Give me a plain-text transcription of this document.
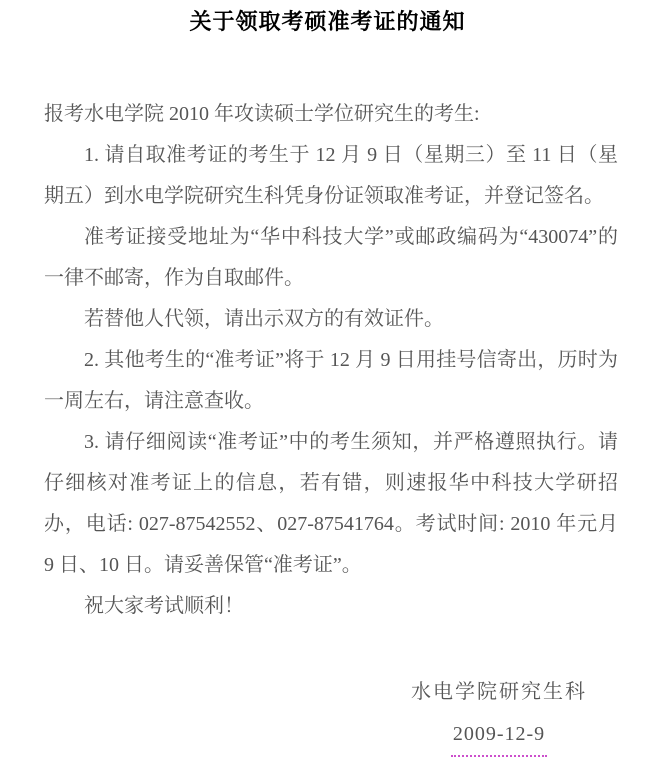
关于领取考硕准考证的通知

报考水电学院 2010 年攻读硕士学位研究生的考生:

1. 请自取准考证的考生于 12 月 9 日（星期三）至 11 日（星期五）到水电学院研究生科凭身份证领取准考证，并登记签名。

准考证接受地址为“华中科技大学”或邮政编码为“430074”的一律不邮寄，作为自取邮件。

若替他人代领，请出示双方的有效证件。

2. 其他考生的“准考证”将于 12 月 9 日用挂号信寄出，历时为一周左右，请注意查收。

3. 请仔细阅读“准考证”中的考生须知，并严格遵照执行。请仔细核对准考证上的信息，若有错，则速报华中科技大学研招办，电话: 027-87542552、027-87541764。考试时间: 2010 年元月 9 日、10 日。请妥善保管“准考证”。

祝大家考试顺利！

水电学院研究生科
2009-12-9
